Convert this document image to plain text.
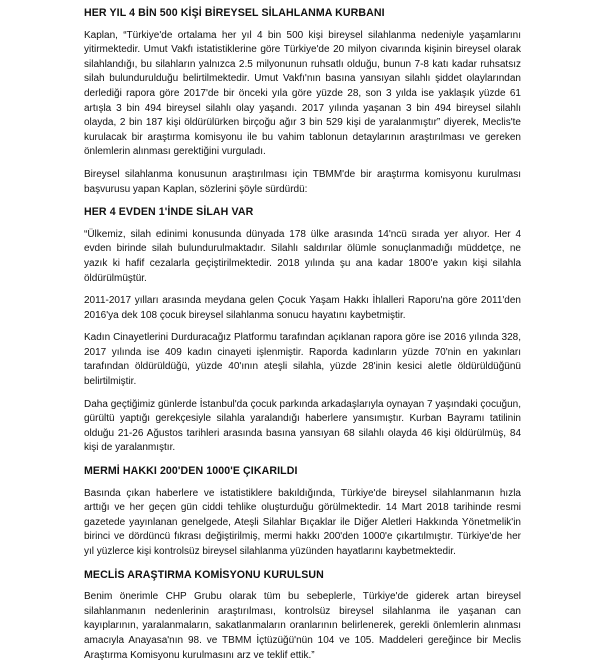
HER YIL 4 BİN 500 KİŞİ BİREYSEL SİLAHLANMA KURBANI

Kaplan, “Türkiye'de ortalama her yıl 4 bin 500 kişi bireysel silahlanma nedeniyle yaşamlarını yitirmektedir. Umut Vakfı istatistiklerine göre Türkiye'de 20 milyon civarında kişinin bireysel olarak silahlandığı, bu silahların yalnızca 2.5 milyonunun ruhsatlı olduğu, bunun 7-8 katı kadar ruhsatsız silah bulundurulduğu belirtilmektedir. Umut Vakfı'nın basına yansıyan silahlı şiddet olaylarından derlediği rapora göre 2017'de bir önceki yıla göre yüzde 28, son 3 yılda ise yaklaşık yüzde 61 artışla 3 bin 494 bireysel silahlı olay yaşandı. 2017 yılında yaşanan 3 bin 494 bireysel silahlı olayda, 2 bin 187 kişi öldürülürken birçoğu ağır 3 bin 529 kişi de yaralanmıştır” diyerek, Meclis'te kurulacak bir araştırma komisyonu ile bu vahim tablonun detaylarının araştırılması ve gereken önlemlerin alınması gerektiğini vurguladı.

Bireysel silahlanma konusunun araştırılması için TBMM'de bir araştırma komisyonu kurulması başvurusu yapan Kaplan, sözlerini şöyle sürdürdü:

HER 4 EVDEN 1'İNDE SİLAH VAR

“Ülkemiz, silah edinimi konusunda dünyada 178 ülke arasında 14'ncü sırada yer alıyor. Her 4 evden birinde silah bulundurulmaktadır. Silahlı saldırılar ölümle sonuçlanmadığı müddetçe, ne yazık ki hafif cezalarla geçiştirilmektedir. 2018 yılında şu ana kadar 1800'e yakın kişi silahla öldürülmüştür.

2011-2017 yılları arasında meydana gelen Çocuk Yaşam Hakkı İhlalleri Raporu'na göre 2011'den 2016'ya dek 108 çocuk bireysel silahlanma sonucu hayatını kaybetmiştir.

Kadın Cinayetlerini Durduracağız Platformu tarafından açıklanan rapora göre ise 2016 yılında 328, 2017 yılında ise 409 kadın cinayeti işlenmiştir. Raporda kadınların yüzde 70'nin en yakınları tarafından öldürüldüğü, yüzde 40'ının ateşli silahla, yüzde 28'inin kesici aletle öldürüldüğünü belirtilmiştir.

Daha geçtiğimiz günlerde İstanbul'da çocuk parkında arkadaşlarıyla oynayan 7 yaşındaki çocuğun, gürültü yaptığı gerekçesiyle silahla yaralandığı haberlere yansımıştır. Kurban Bayramı tatilinin olduğu 21-26 Ağustos tarihleri arasında basına yansıyan 68 silahlı olayda 46 kişi öldürülmüş, 84 kişi de yaralanmıştır.

MERMİ HAKKI 200'DEN 1000'E ÇIKARILDI

Basında çıkan haberlere ve istatistiklere bakıldığında, Türkiye'de bireysel silahlanmanın hızla arttığı ve her geçen gün ciddi tehlike oluşturduğu görülmektedir. 14 Mart 2018 tarihinde resmi gazetede yayınlanan genelgede, Ateşli Silahlar Bıçaklar ile Diğer Aletleri Hakkında Yönetmelik'in birinci ve dördüncü fıkrası değiştirilmiş, mermi hakkı 200'den 1000'e çıkartılmıştır. Türkiye'de her yıl yüzlerce kişi kontrolsüz bireysel silahlanma yüzünden hayatlarını kaybetmektedir.

MECLİS ARAŞTIRMA KOMİSYONU KURULSUN

Benim önerimle CHP Grubu olarak tüm bu sebeplerle, Türkiye'de giderek artan bireysel silahlanmanın nedenlerinin araştırılması, kontrolsüz bireysel silahlanma ile yaşanan can kayıplarının, yaralanmaların, sakatlanmaların oranlarının belirlenerek, gerekli önlemlerin alınması amacıyla Anayasa'nın 98. ve TBMM İçtüzüğü'nün 104 ve 105. Maddeleri gereğince bir Meclis Araştırma Komisyonu kurulmasını arz ve teklif ettik.”
